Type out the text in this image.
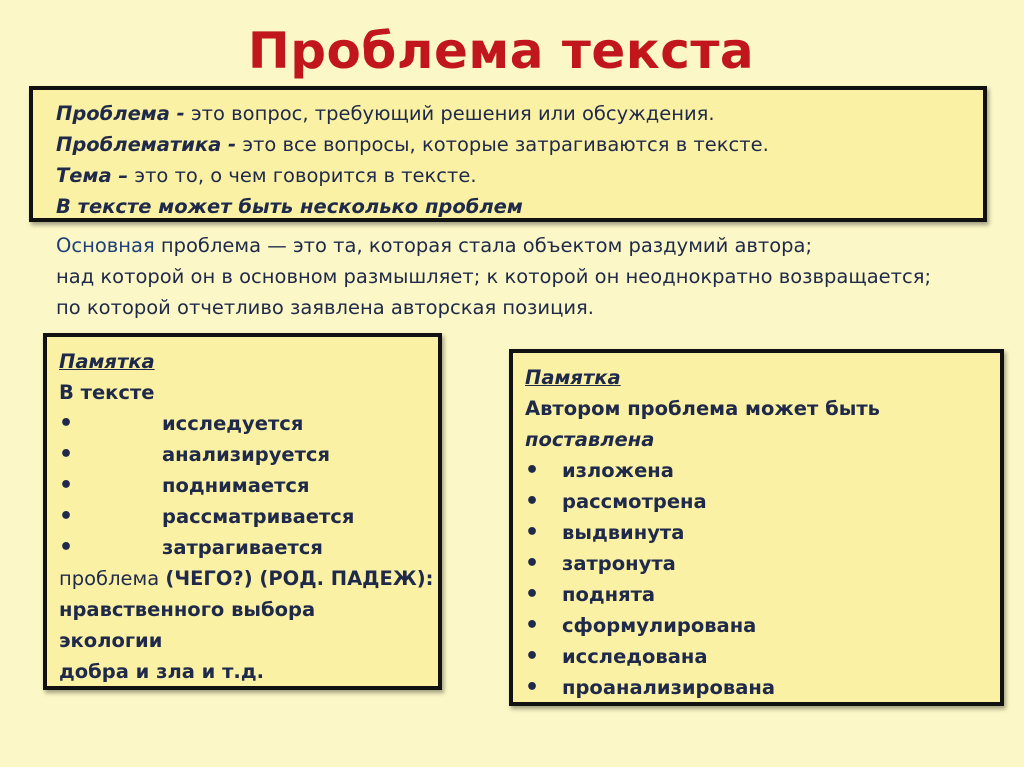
Проблема текста
Проблема - это вопрос, требующий решения или обсуждения.
Проблематика - это все вопросы, которые затрагиваются в тексте.
Тема – это то, о чем говорится в тексте.
В тексте может быть несколько проблем
Основная проблема — это та, которая стала объектом раздумий автора;
над которой он в основном размышляет; к которой он неоднократно возвращается;
по которой отчетливо заявлена авторская позиция.
Памятка
В тексте
•	исследуется
•	анализируется
•	поднимается
•	рассматривается
•	затрагивается
проблема (ЧЕГО?) (РОД. ПАДЕЖ):
нравственного выбора
экологии
добра и зла и т.д.
Памятка
Автором проблема может быть
поставлена
•	изложена
•	рассмотрена
•	выдвинута
•	затронута
•	поднята
•	сформулирована
•	исследована
•	проанализирована
